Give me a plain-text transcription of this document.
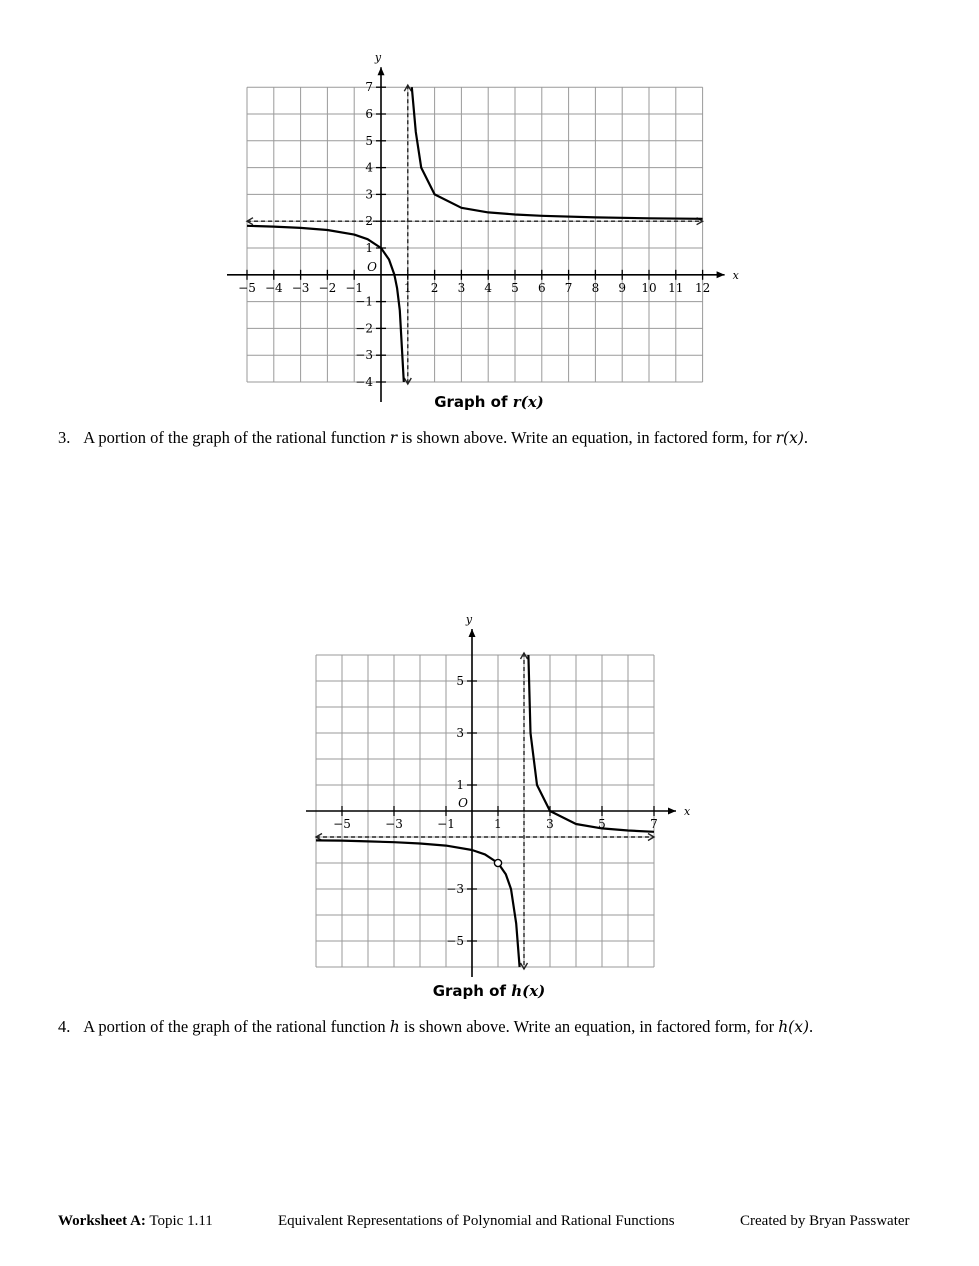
x
y
−5 −4 −3 −2 −1	1 2 3 4 5 6 7 8 9 10 11 12
−4
−3
−2
−1
1
2
3
4
5
6
7
O
Graph of r(x)
3. A portion of the graph of the rational function r is shown above. Write an equation, in factored form, for r(x).
x
y
−5	−3	−1	1	3	5	7
−5
−3
1
3
5
O
Graph of h(x)
4. A portion of the graph of the rational function h is shown above. Write an equation, in factored form, for h(x).
Worksheet A: Topic 1.11	Equivalent Representations of Polynomial and Rational Functions	Created by Bryan Passwater
